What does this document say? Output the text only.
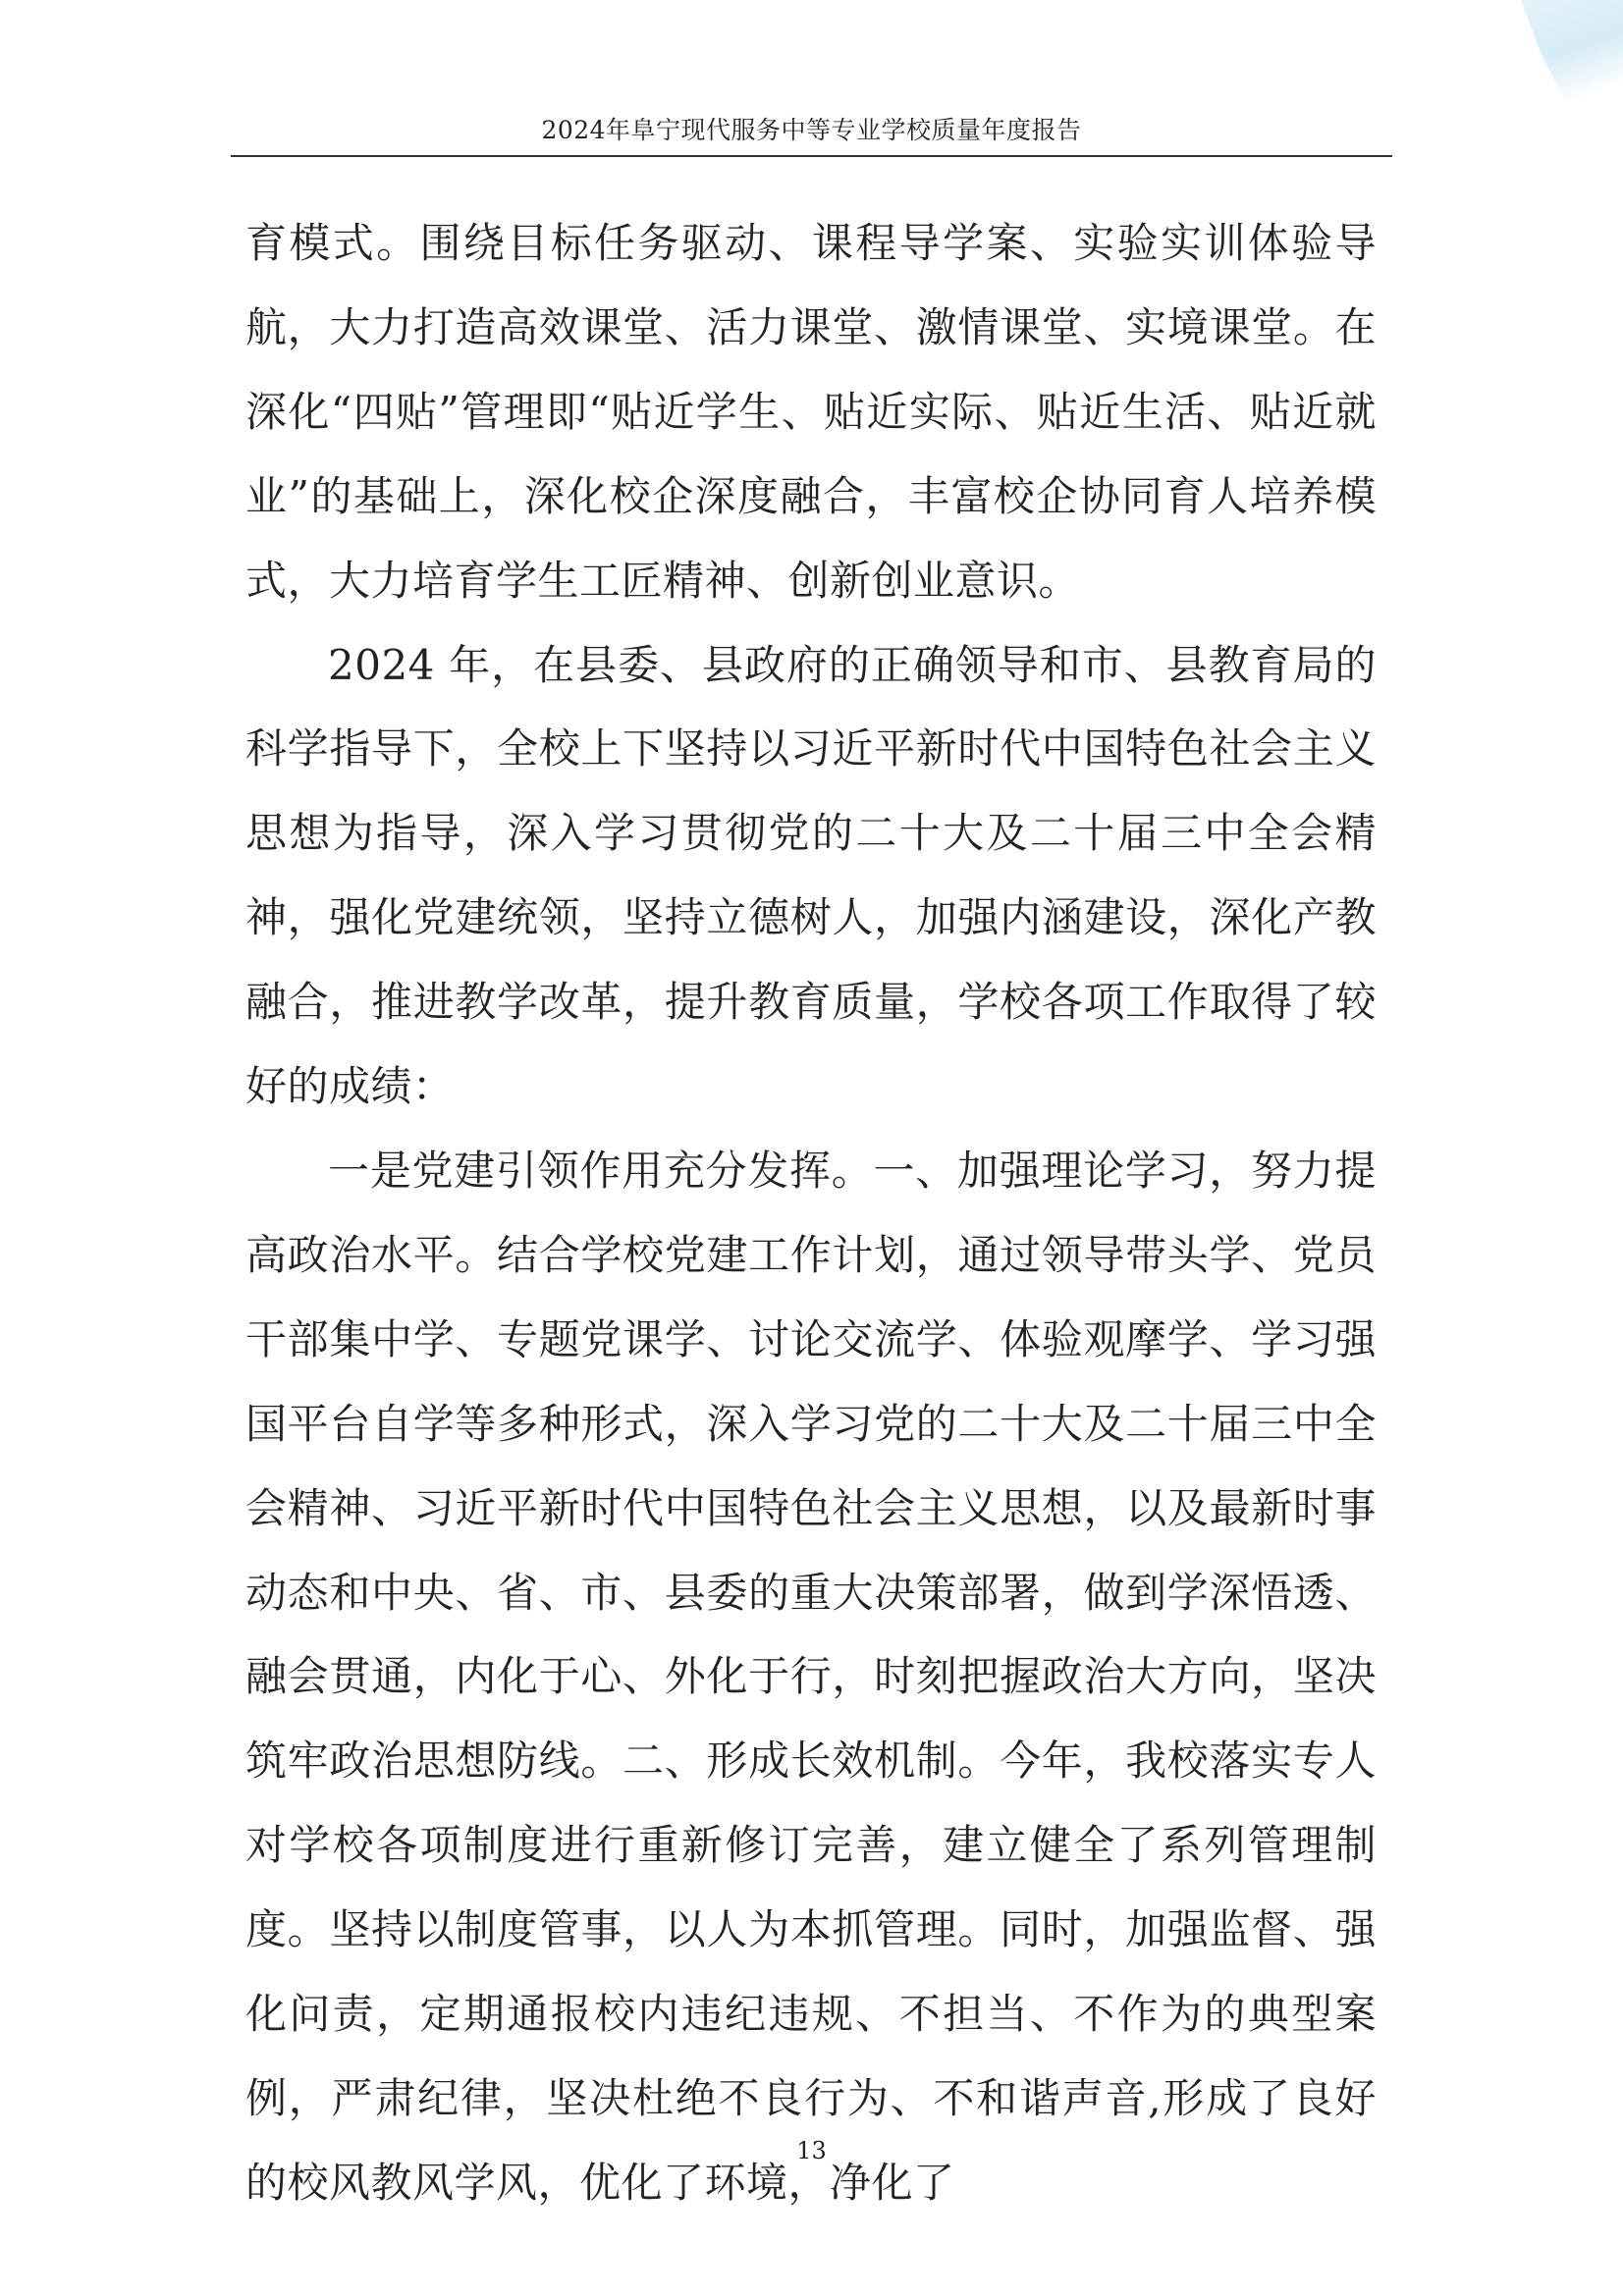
2024年阜宁现代服务中等专业学校质量年度报告

育模式。围绕目标任务驱动、课程导学案、实验实训体验导航，大力打造高效课堂、活力课堂、激情课堂、实境课堂。在深化“四贴”管理即“贴近学生、贴近实际、贴近生活、贴近就业”的基础上，深化校企深度融合，丰富校企协同育人培养模式，大力培育学生工匠精神、创新创业意识。

2024 年，在县委、县政府的正确领导和市、县教育局的科学指导下，全校上下坚持以习近平新时代中国特色社会主义思想为指导，深入学习贯彻党的二十大及二十届三中全会精神，强化党建统领，坚持立德树人，加强内涵建设，深化产教融合，推进教学改革，提升教育质量，学校各项工作取得了较好的成绩：

一是党建引领作用充分发挥。一、加强理论学习，努力提高政治水平。结合学校党建工作计划，通过领导带头学、党员干部集中学、专题党课学、讨论交流学、体验观摩学、学习强国平台自学等多种形式，深入学习党的二十大及二十届三中全会精神、习近平新时代中国特色社会主义思想，以及最新时事动态和中央、省、市、县委的重大决策部署，做到学深悟透、融会贯通，内化于心、外化于行，时刻把握政治大方向，坚决筑牢政治思想防线。二、形成长效机制。今年，我校落实专人对学校各项制度进行重新修订完善，建立健全了系列管理制度。坚持以制度管事，以人为本抓管理。同时，加强监督、强化问责，定期通报校内违纪违规、不担当、不作为的典型案例，严肃纪律，坚决杜绝不良行为、不和谐声音,形成了良好的校风教风学风，优化了环境，净化了

13
